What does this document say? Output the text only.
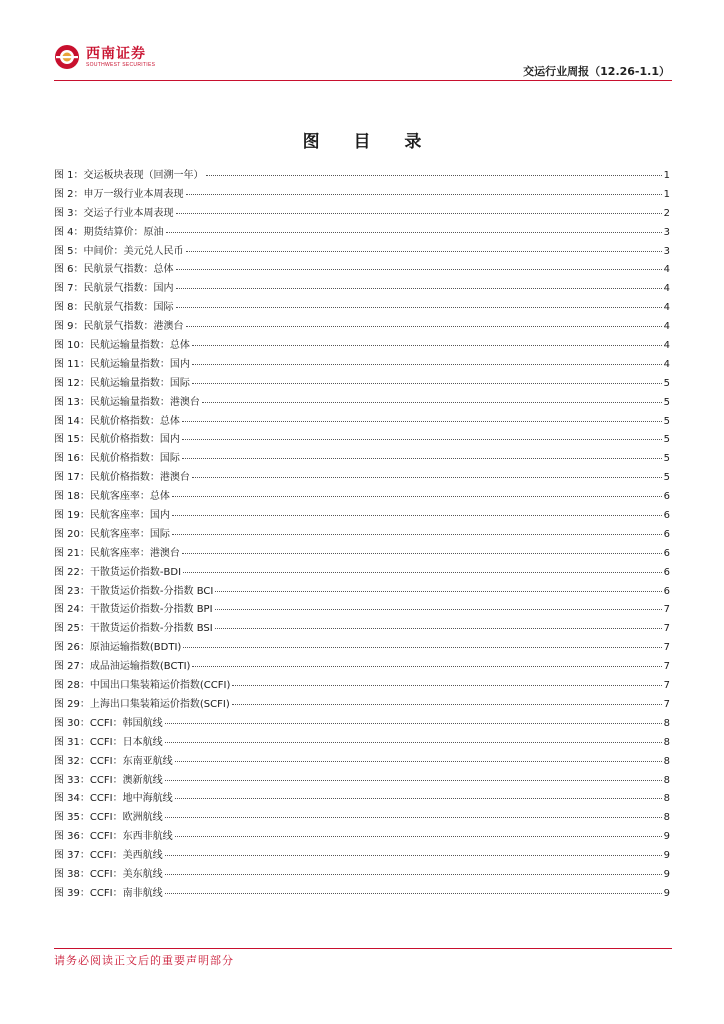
西南证券
SOUTHWEST SECURITIES
交运行业周报（12.26-1.1）
图 目 录
图 1：交运板块表现（回溯一年）	1
图 2：申万一级行业本周表现	1
图 3：交运子行业本周表现	2
图 4：期货结算价：原油	3
图 5：中间价：美元兑人民币	3
图 6：民航景气指数：总体	4
图 7：民航景气指数：国内	4
图 8：民航景气指数：国际	4
图 9：民航景气指数：港澳台	4
图 10：民航运输量指数：总体	4
图 11：民航运输量指数：国内	4
图 12：民航运输量指数：国际	5
图 13：民航运输量指数：港澳台	5
图 14：民航价格指数：总体	5
图 15：民航价格指数：国内	5
图 16：民航价格指数：国际	5
图 17：民航价格指数：港澳台	5
图 18：民航客座率：总体	6
图 19：民航客座率：国内	6
图 20：民航客座率：国际	6
图 21：民航客座率：港澳台	6
图 22：干散货运价指数-BDI	6
图 23：干散货运价指数-分指数 BCI	6
图 24：干散货运价指数-分指数 BPI	7
图 25：干散货运价指数-分指数 BSI	7
图 26：原油运输指数(BDTI)	7
图 27：成品油运输指数(BCTI)	7
图 28：中国出口集装箱运价指数(CCFI)	7
图 29：上海出口集装箱运价指数(SCFI)	7
图 30：CCFI：韩国航线	8
图 31：CCFI：日本航线	8
图 32：CCFI：东南亚航线	8
图 33：CCFI：澳新航线	8
图 34：CCFI：地中海航线	8
图 35：CCFI：欧洲航线	8
图 36：CCFI：东西非航线	9
图 37：CCFI：美西航线	9
图 38：CCFI：美东航线	9
图 39：CCFI：南非航线	9
请务必阅读正文后的重要声明部分
